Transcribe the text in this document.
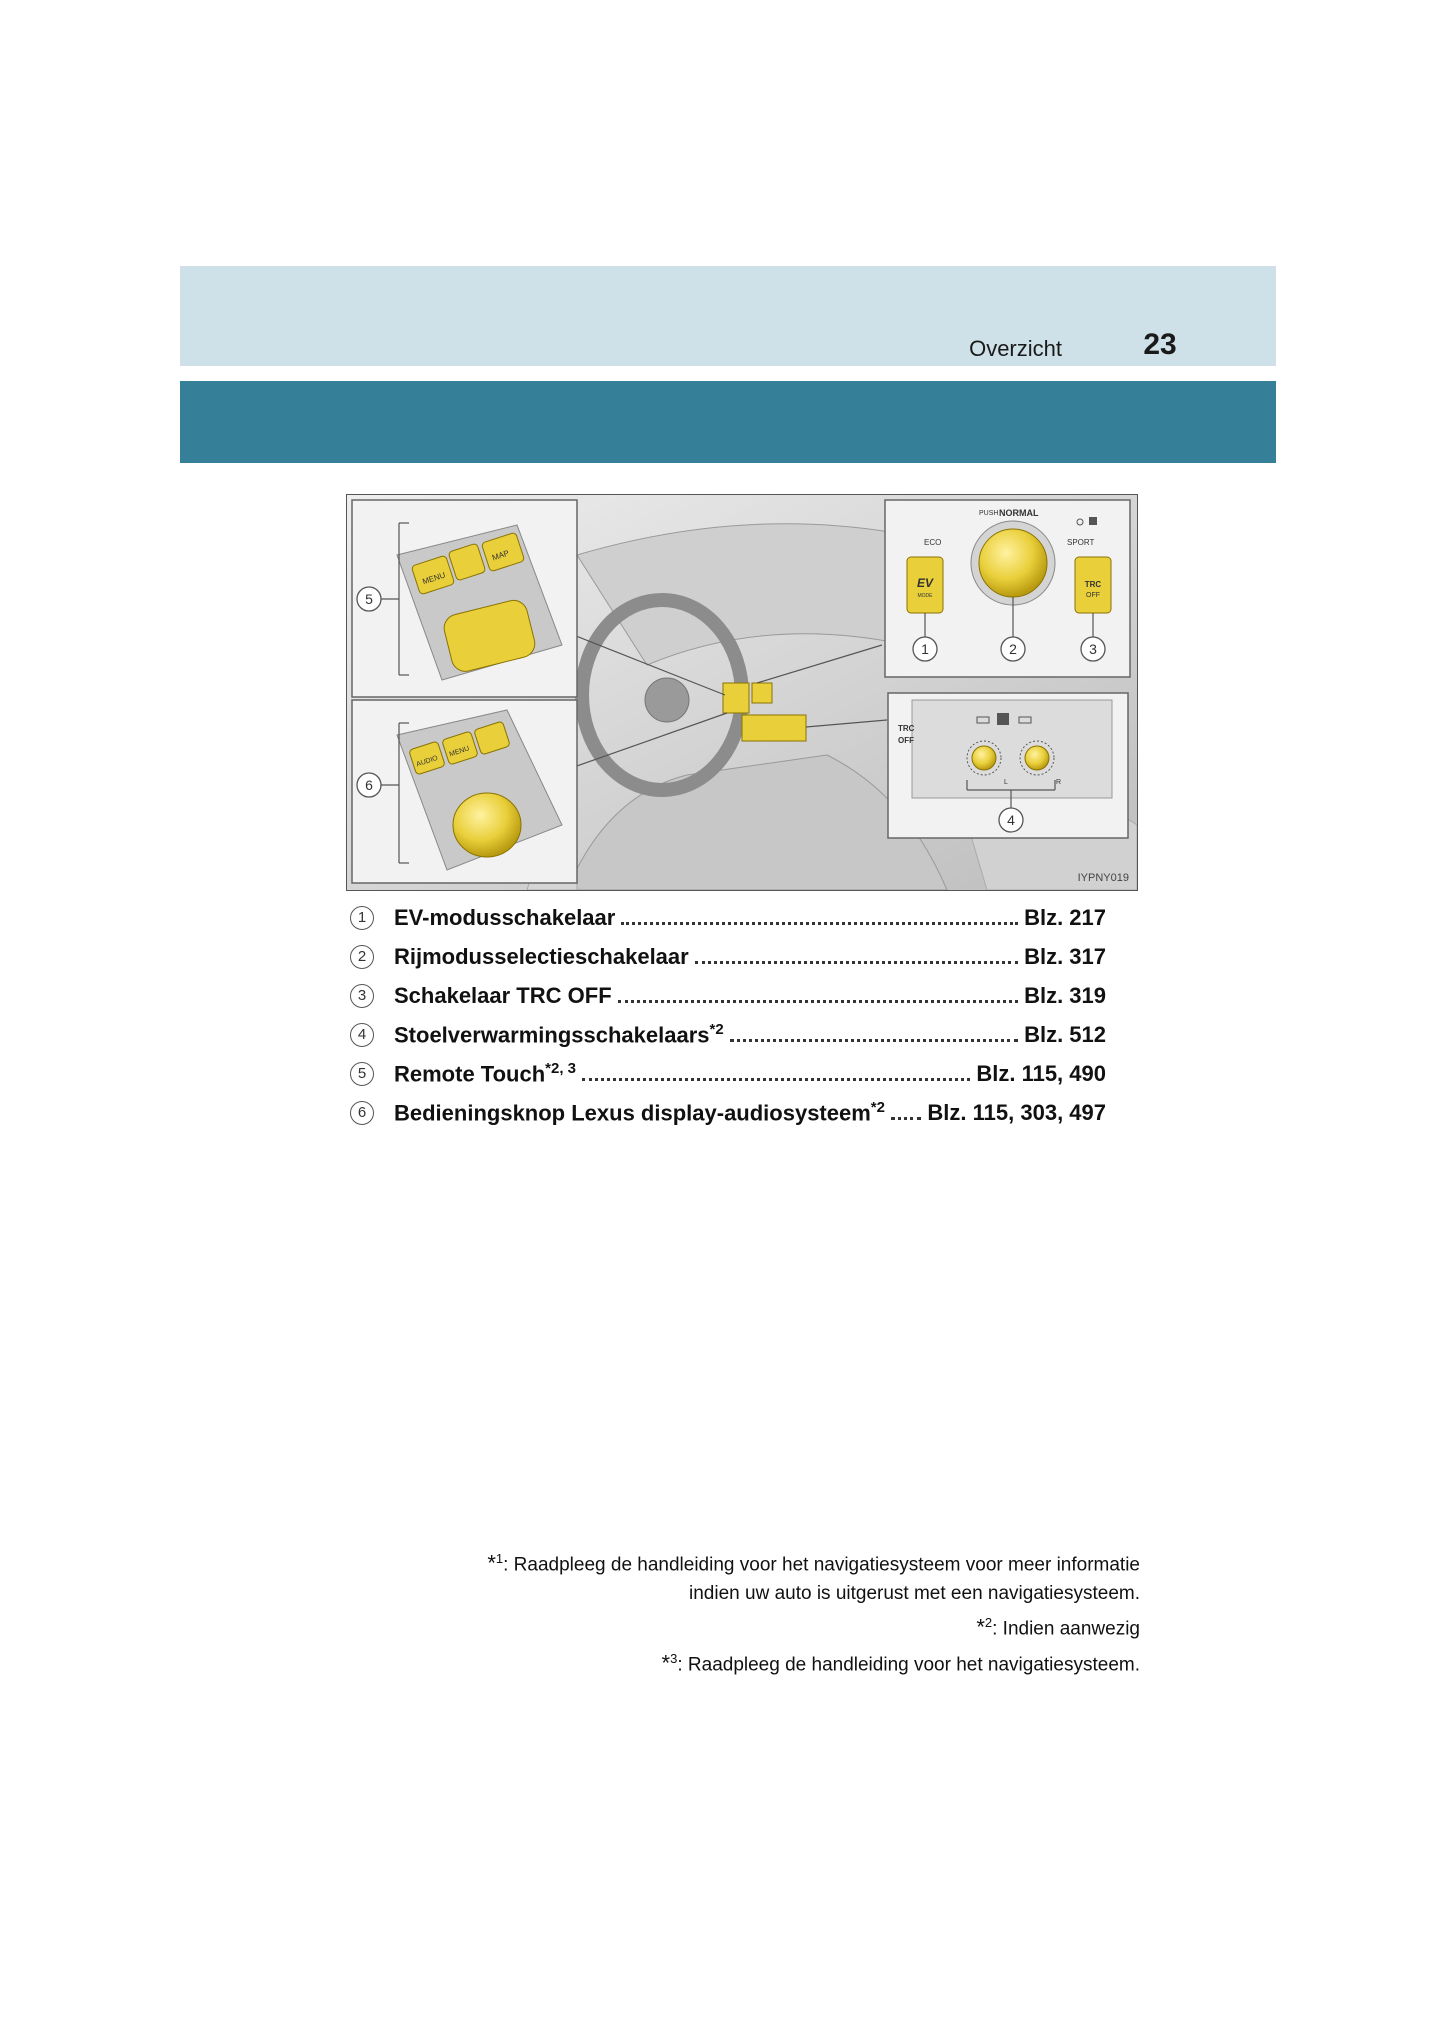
Overzicht	23
MENU
MAP
5
AUDIO
MENU
6
PUSH NORMAL
ECO	SPORT
EV
MODE
TRC
OFF
1	2	3
TRC
OFF
L	R
4
IYPNY019
1	EV-modusschakelaar	Blz. 217
2	Rijmodusselectieschakelaar	Blz. 317
3	Schakelaar TRC OFF	Blz. 319
4	Stoelverwarmingsschakelaars$^{*2}$	Blz. 512
5	Remote Touch$^{*2, 3}$	Blz. 115, 490
6	Bedieningsknop Lexus display-audiosysteem$^{*2}$ Blz. 115, 303, 497

*$^1$: Raadpleeg de handleiding voor het navigatiesysteem voor meer informatie

indien uw auto is uitgerust met een navigatiesysteem.

*$^2$: Indien aanwezig

*$^3$: Raadpleeg de handleiding voor het navigatiesysteem.
